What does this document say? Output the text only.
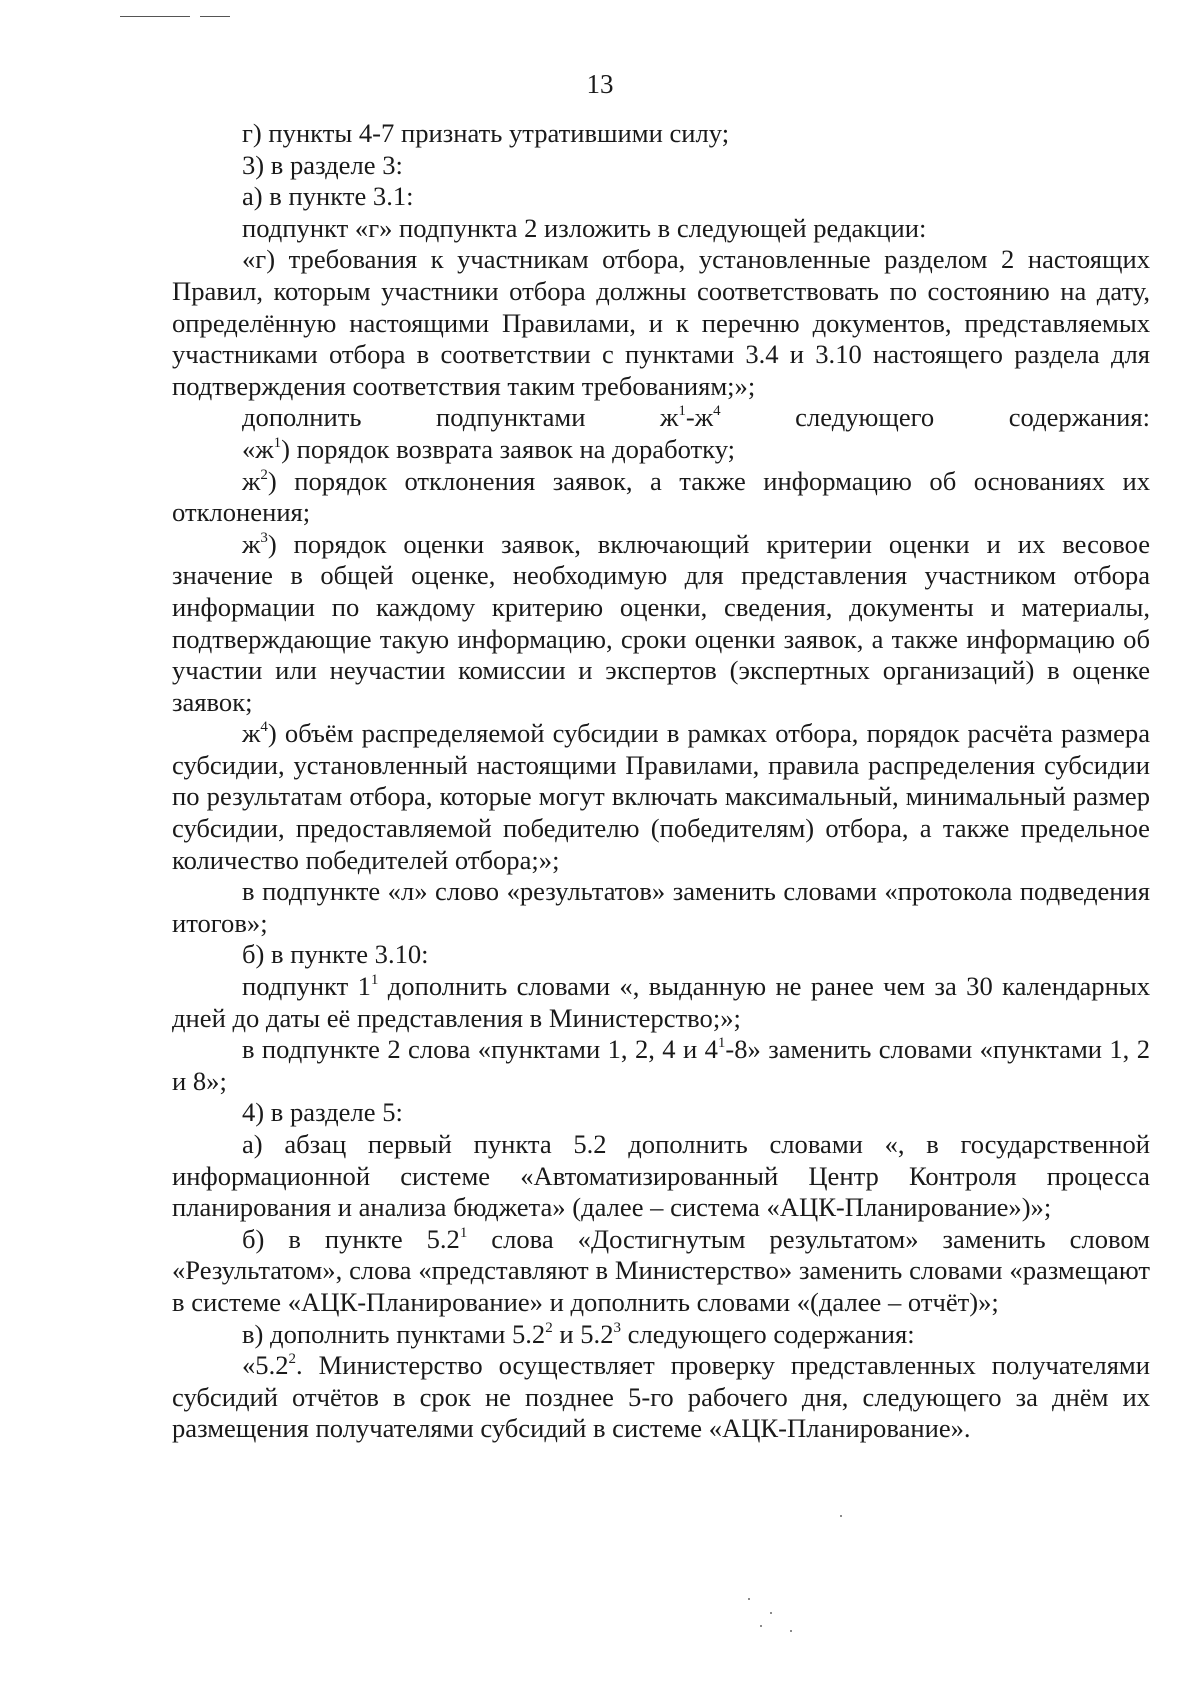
13

г) пункты 4-7 признать утратившими силу;

3) в разделе 3:

а) в пункте 3.1:

подпункт «г» подпункта 2 изложить в следующей редакции:

«г) требования к участникам отбора, установленные разделом 2 настоящих Правил, которым участники отбора должны соответствовать по состоянию на дату, определённую настоящими Правилами, и к перечню документов, представляемых участниками отбора в соответствии с пунктами 3.4 и 3.10 настоящего раздела для подтверждения соответствия таким требованиям;»;

дополнить подпунктами $ж^1-ж^4$ следующего содержания:

«$ж^1$) порядок возврата заявок на доработку;

$ж^2$) порядок отклонения заявок, а также информацию об основаниях их отклонения;

$ж^3$) порядок оценки заявок, включающий критерии оценки и их весовое значение в общей оценке, необходимую для представления участником отбора информации по каждому критерию оценки, сведения, документы и материалы, подтверждающие такую информацию, сроки оценки заявок, а также информацию об участии или неучастии комиссии и экспертов (экспертных организаций) в оценке заявок;

$ж^4$) объём распределяемой субсидии в рамках отбора, порядок расчёта размера субсидии, установленный настоящими Правилами, правила распределения субсидии по результатам отбора, которые могут включать максимальный, минимальный размер субсидии, предоставляемой победителю (победителям) отбора, а также предельное количество победителей отбора;»;

в подпункте «л» слово «результатов» заменить словами «протокола подведения итогов»;

б) в пункте 3.10:

подпункт $1^1$ дополнить словами «, выданную не ранее чем за 30 календарных дней до даты её представления в Министерство;»;

в подпункте 2 слова «пунктами 1, 2, 4 и $4^1-8$» заменить словами «пунктами 1, 2 и 8»;

4) в разделе 5:

а) абзац первый пункта 5.2 дополнить словами «, в государственной информационной системе «Автоматизированный Центр Контроля процесса планирования и анализа бюджета» (далее – система «АЦК-Планирование»)»;

б) в пункте $5.2^1$ слова «Достигнутым результатом» заменить словом «Результатом», слова «представляют в Министерство» заменить словами «размещают в системе «АЦК-Планирование» и дополнить словами «(далее – отчёт)»;

в) дополнить пунктами $5.2^2$ и $5.2^3$ следующего содержания:

«$5.2^2$. Министерство осуществляет проверку представленных получателями субсидий отчётов в срок не позднее 5-го рабочего дня, следующего за днём их размещения получателями субсидий в системе «АЦК-Планирование».
